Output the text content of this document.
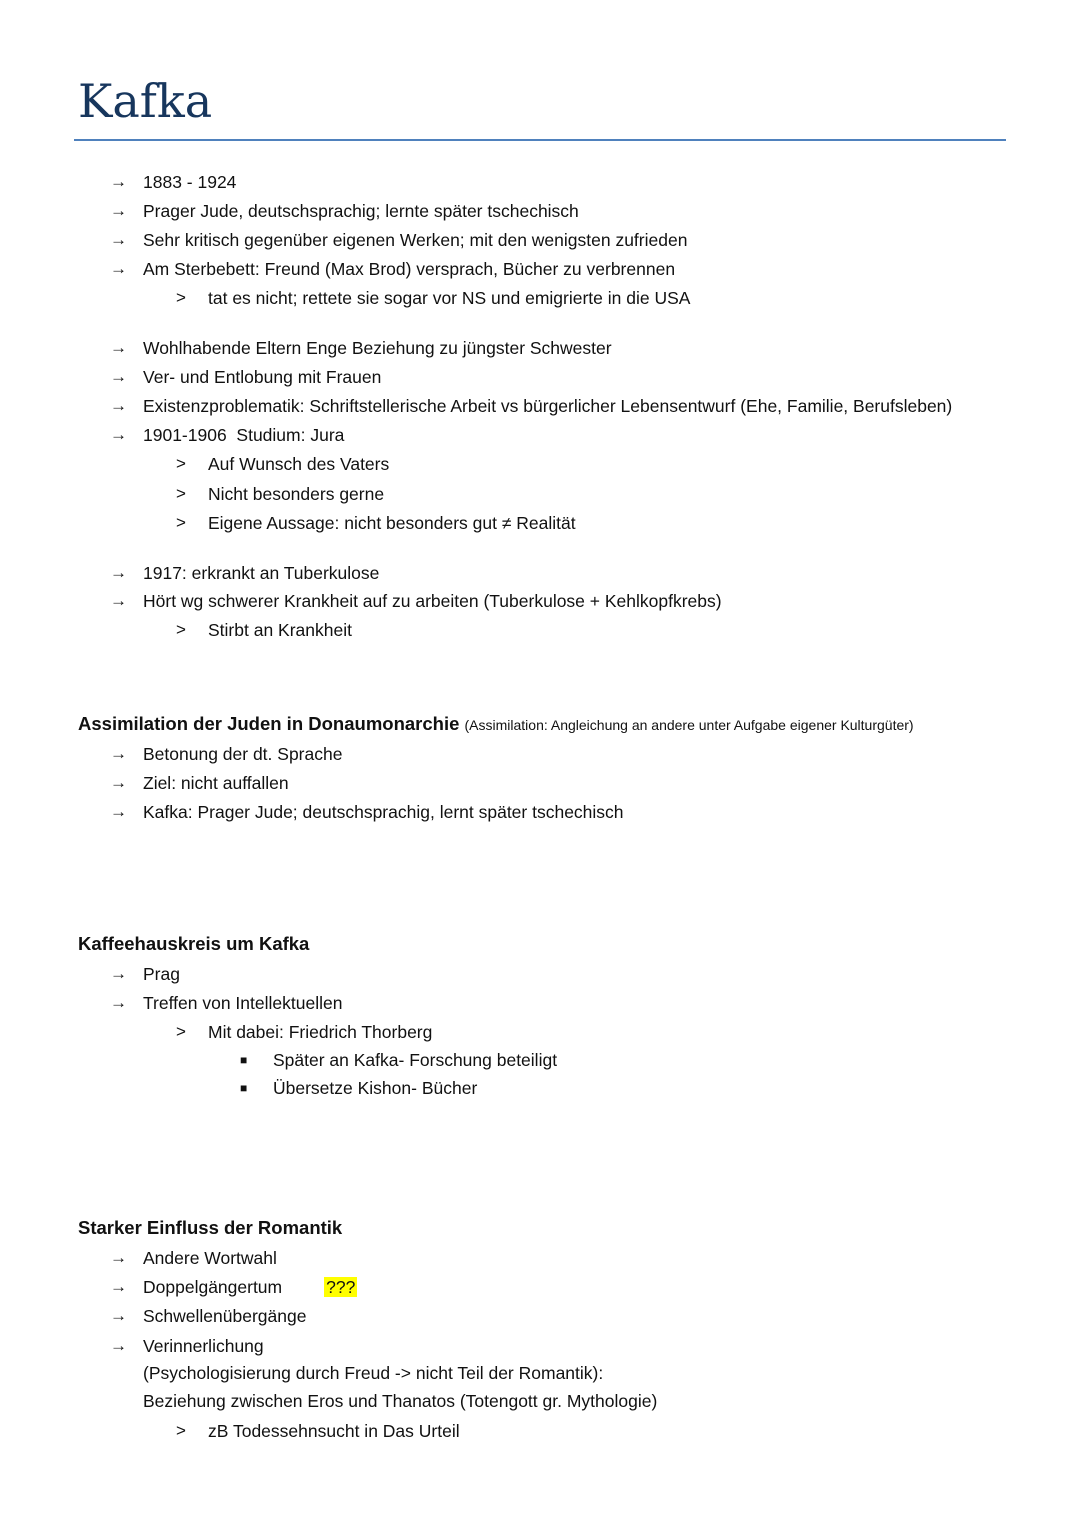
Kafka
→ 1883 - 1924
→ Prager Jude, deutschsprachig; lernte später tschechisch
→ Sehr kritisch gegenüber eigenen Werken; mit den wenigsten zufrieden
→ Am Sterbebett: Freund (Max Brod) versprach, Bücher zu verbrennen
> tat es nicht; rettete sie sogar vor NS und emigrierte in die USA
→ Wohlhabende Eltern Enge Beziehung zu jüngster Schwester
→ Ver- und Entlobung mit Frauen
→ Existenzproblematik: Schriftstellerische Arbeit vs bürgerlicher Lebensentwurf (Ehe, Familie, Berufsleben)
→ 1901-1906  Studium: Jura
> Auf Wunsch des Vaters
> Nicht besonders gerne
> Eigene Aussage: nicht besonders gut ≠ Realität
→ 1917: erkrankt an Tuberkulose
→ Hört wg schwerer Krankheit auf zu arbeiten (Tuberkulose + Kehlkopfkrebs)
> Stirbt an Krankheit
Assimilation der Juden in Donaumonarchie (Assimilation: Angleichung an andere unter Aufgabe eigener Kulturgüter)
→ Betonung der dt. Sprache
→ Ziel: nicht auffallen
→ Kafka: Prager Jude; deutschsprachig, lernt später tschechisch
Kaffeehauskreis um Kafka
→ Prag
→ Treffen von Intellektuellen
> Mit dabei: Friedrich Thorberg
■ Später an Kafka- Forschung beteiligt
■ Übersetze Kishon- Bücher
Starker Einfluss der Romantik
→ Andere Wortwahl
→ Doppelgängertum	???
→ Schwellenübergänge
→ Verinnerlichung
(Psychologisierung durch Freud -> nicht Teil der Romantik):
Beziehung zwischen Eros und Thanatos (Totengott gr. Mythologie)
> zB Todessehnsucht in Das Urteil
